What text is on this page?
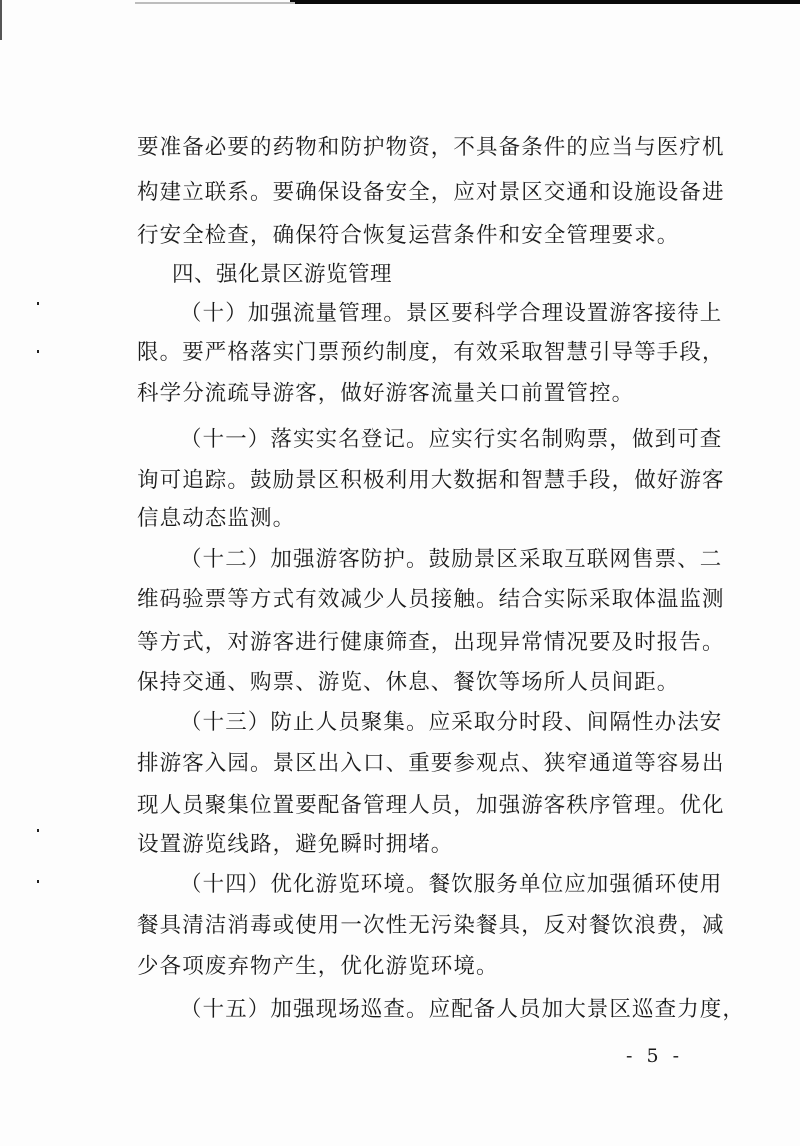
要准备必要的药物和防护物资，不具备条件的应当与医疗机
构建立联系。要确保设备安全，应对景区交通和设施设备进
行安全检查，确保符合恢复运营条件和安全管理要求。
四、强化景区游览管理
（十）加强流量管理。景区要科学合理设置游客接待上
限。要严格落实门票预约制度，有效采取智慧引导等手段，
科学分流疏导游客，做好游客流量关口前置管控。
（十一）落实实名登记。应实行实名制购票，做到可查
询可追踪。鼓励景区积极利用大数据和智慧手段，做好游客
信息动态监测。
（十二）加强游客防护。鼓励景区采取互联网售票、二
维码验票等方式有效减少人员接触。结合实际采取体温监测
等方式，对游客进行健康筛查，出现异常情况要及时报告。
保持交通、购票、游览、休息、餐饮等场所人员间距。
（十三）防止人员聚集。应采取分时段、间隔性办法安
排游客入园。景区出入口、重要参观点、狭窄通道等容易出
现人员聚集位置要配备管理人员，加强游客秩序管理。优化
设置游览线路，避免瞬时拥堵。
（十四）优化游览环境。餐饮服务单位应加强循环使用
餐具清洁消毒或使用一次性无污染餐具，反对餐饮浪费，减
少各项废弃物产生，优化游览环境。
（十五）加强现场巡查。应配备人员加大景区巡查力度，
- 5 -
